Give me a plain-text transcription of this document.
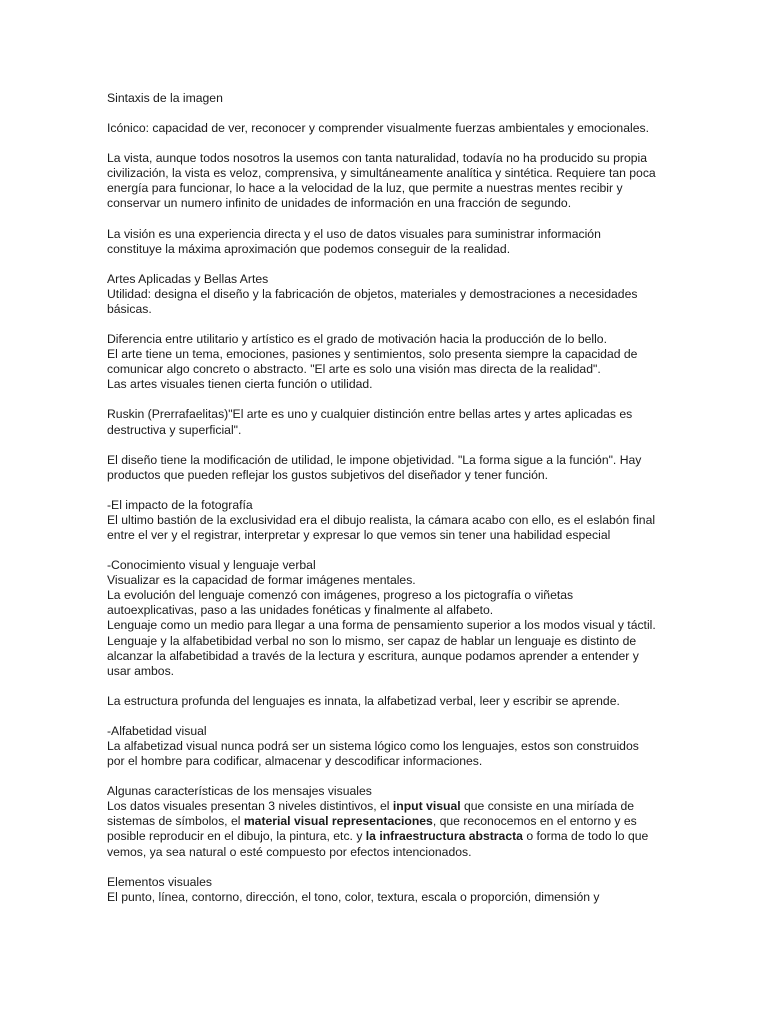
Sintaxis de la imagen

Icónico: capacidad de ver, reconocer y comprender visualmente fuerzas ambientales y emocionales.

La vista, aunque todos nosotros la usemos con tanta naturalidad, todavía no ha producido su propia civilización, la vista es veloz, comprensiva, y simultáneamente analítica y sintética. Requiere tan poca energía para funcionar, lo hace a la velocidad de la luz, que permite a nuestras mentes recibir y conservar un numero infinito de unidades de información en una fracción de segundo.

La visión es una experiencia directa y el uso de datos visuales para suministrar información constituye la máxima aproximación que podemos conseguir de la realidad.

Artes Aplicadas y Bellas Artes
Utilidad: designa el diseño y la fabricación de objetos, materiales y demostraciones a necesidades básicas.

Diferencia entre utilitario y artístico es el grado de motivación hacia la producción de lo bello.
El arte tiene un tema, emociones, pasiones y sentimientos, solo presenta siempre la capacidad de comunicar algo concreto o abstracto. "El arte es solo una visión mas directa de la realidad".
Las artes visuales tienen cierta función o utilidad.

Ruskin (Prerrafaelitas)"El arte es uno y cualquier distinción entre bellas artes y artes aplicadas es destructiva y superficial".

El diseño tiene la modificación de utilidad, le impone objetividad. "La forma sigue a la función". Hay productos que pueden reflejar los gustos subjetivos del diseñador y tener función.

-El impacto de la fotografía
El ultimo bastión de la exclusividad era el dibujo realista, la cámara acabo con ello, es el eslabón final entre el ver y el registrar, interpretar y expresar lo que vemos sin tener una habilidad especial

-Conocimiento visual y lenguaje verbal
Visualizar es la capacidad de formar imágenes mentales.
La evolución del lenguaje comenzó con imágenes, progreso a los pictografía o viñetas autoexplicativas, paso a las unidades fonéticas y finalmente al alfabeto.
Lenguaje como un medio para llegar a una forma de pensamiento superior a los modos visual y táctil.
Lenguaje y la alfabetibidad verbal no son lo mismo, ser capaz de hablar un lenguaje es distinto de alcanzar la alfabetibidad a través de la lectura y escritura, aunque podamos aprender a entender y usar ambos.

La estructura profunda del lenguajes es innata, la alfabetizad verbal, leer y escribir se aprende.

-Alfabetidad visual
La alfabetizad visual nunca podrá ser un sistema lógico como los lenguajes, estos son construidos por el hombre para codificar, almacenar y descodificar informaciones.

Algunas características de los mensajes visuales
Los datos visuales presentan 3 niveles distintivos, el input visual que consiste en una miríada de sistemas de símbolos, el material visual representaciones, que reconocemos en el entorno y es posible reproducir en el dibujo, la pintura, etc. y la infraestructura abstracta o forma de todo lo que vemos, ya sea natural o esté compuesto por efectos intencionados.

Elementos visuales
El punto, línea, contorno, dirección, el tono, color, textura, escala o proporción, dimensión y
